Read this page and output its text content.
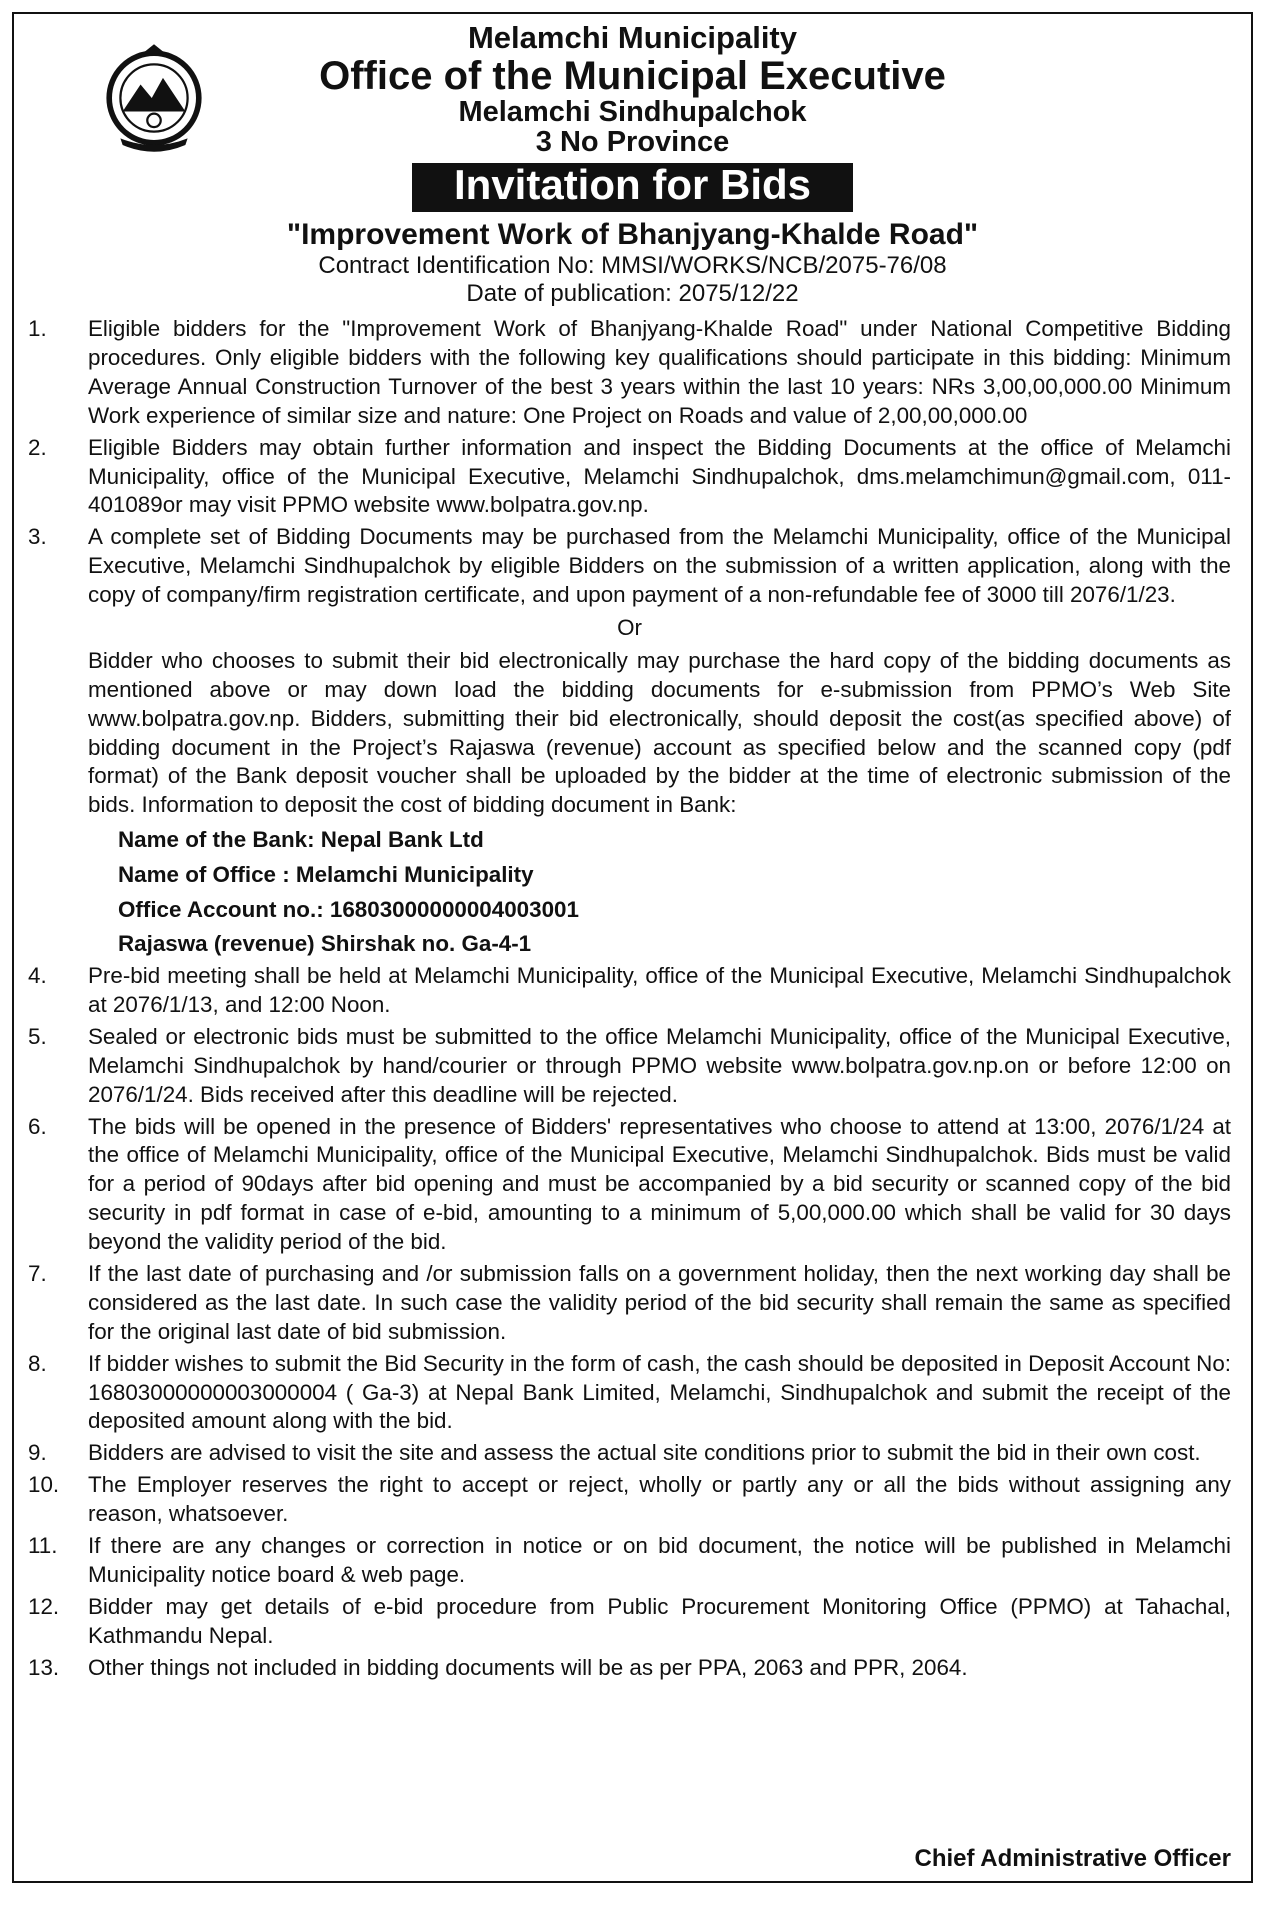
Melamchi Municipality
Office of the Municipal Executive
Melamchi Sindhupalchok
3 No Province
Invitation for Bids
"Improvement Work of Bhanjyang-Khalde Road"
Contract Identification No: MMSI/WORKS/NCB/2075-76/08
Date of publication: 2075/12/22
1.	Eligible bidders for the "Improvement Work of Bhanjyang-Khalde Road" under National Competitive Bidding procedures. Only eligible bidders with the following key qualifications should participate in this bidding: Minimum Average Annual Construction Turnover of the best 3 years within the last 10 years: NRs 3,00,00,000.00 Minimum Work experience of similar size and nature: One Project on Roads and value of 2,00,00,000.00
2.	Eligible Bidders may obtain further information and inspect the Bidding Documents at the office of Melamchi Municipality, office of the Municipal Executive, Melamchi Sindhupalchok, dms.melamchimun@gmail.com, 011-401089or may visit PPMO website www.bolpatra.gov.np.
3.	A complete set of Bidding Documents may be purchased from the Melamchi Municipality, office of the Municipal Executive, Melamchi Sindhupalchok by eligible Bidders on the submission of a written application, along with the copy of company/firm registration certificate, and upon payment of a non-refundable fee of 3000 till 2076/1/23.
Or
Bidder who chooses to submit their bid electronically may purchase the hard copy of the bidding documents as mentioned above or may down load the bidding documents for e-submission from PPMO’s Web Site www.bolpatra.gov.np. Bidders, submitting their bid electronically, should deposit the cost(as specified above) of bidding document in the Project’s Rajaswa (revenue) account as specified below and the scanned copy (pdf format) of the Bank deposit voucher shall be uploaded by the bidder at the time of electronic submission of the bids. Information to deposit the cost of bidding document in Bank:
Name of the Bank: Nepal Bank Ltd
Name of Office : Melamchi Municipality
Office Account no.: 16803000000004003001
Rajaswa (revenue) Shirshak no. Ga-4-1
4.	Pre-bid meeting shall be held at Melamchi Municipality, office of the Municipal Executive, Melamchi Sindhupalchok at 2076/1/13, and 12:00 Noon.
5.	Sealed or electronic bids must be submitted to the office Melamchi Municipality, office of the Municipal Executive, Melamchi Sindhupalchok by hand/courier or through PPMO website www.bolpatra.gov.np.on or before 12:00 on 2076/1/24. Bids received after this deadline will be rejected.
6.	The bids will be opened in the presence of Bidders' representatives who choose to attend at 13:00, 2076/1/24 at the office of Melamchi Municipality, office of the Municipal Executive, Melamchi Sindhupalchok. Bids must be valid for a period of 90days after bid opening and must be accompanied by a bid security or scanned copy of the bid security in pdf format in case of e-bid, amounting to a minimum of 5,00,000.00 which shall be valid for 30 days beyond the validity period of the bid.
7.	If the last date of purchasing and /or submission falls on a government holiday, then the next working day shall be considered as the last date. In such case the validity period of the bid security shall remain the same as specified for the original last date of bid submission.
8.	If bidder wishes to submit the Bid Security in the form of cash, the cash should be deposited in Deposit Account No: 16803000000003000004 ( Ga-3) at Nepal Bank Limited, Melamchi, Sindhupalchok and submit the receipt of the deposited amount along with the bid.
9.	Bidders are advised to visit the site and assess the actual site conditions prior to submit the bid in their own cost.
10.	The Employer reserves the right to accept or reject, wholly or partly any or all the bids without assigning any reason, whatsoever.
11.	If there are any changes or correction in notice or on bid document, the notice will be published in Melamchi Municipality notice board & web page.
12.	Bidder may get details of e-bid procedure from Public Procurement Monitoring Office (PPMO) at Tahachal, Kathmandu Nepal.
13.	Other things not included in bidding documents will be as per PPA, 2063 and PPR, 2064.
Chief Administrative Officer
